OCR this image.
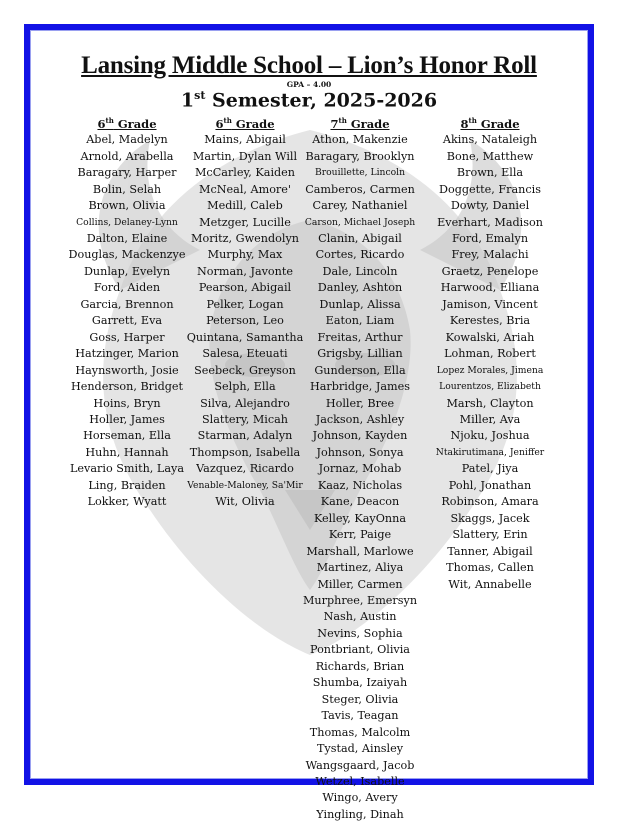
Lansing Middle School – Lion’s Honor Roll
GPA – 4.00
1st Semester, 2025-2026
6th Grade
Abel, Madelyn
Arnold, Arabella
Baragary, Harper
Bolin, Selah
Brown, Olivia
Collins, Delaney-Lynn
Dalton, Elaine
Douglas, Mackenzye
Dunlap, Evelyn
Ford, Aiden
Garcia, Brennon
Garrett, Eva
Goss, Harper
Hatzinger, Marion
Haynsworth, Josie
Henderson, Bridget
Hoins, Bryn
Holler, James
Horseman, Ella
Huhn, Hannah
Levario Smith, Laya
Ling, Braiden
Lokker, Wyatt
6th Grade
Mains, Abigail
Martin, Dylan Will
McCarley, Kaiden
McNeal, Amore'
Medill, Caleb
Metzger, Lucille
Moritz, Gwendolyn
Murphy, Max
Norman, Javonte
Pearson, Abigail
Pelker, Logan
Peterson, Leo
Quintana, Samantha
Salesa, Eteuati
Seebeck, Greyson
Selph, Ella
Silva, Alejandro
Slattery, Micah
Starman, Adalyn
Thompson, Isabella
Vazquez, Ricardo
Venable-Maloney, Sa'Mir
Wit, Olivia
7th Grade
Athon, Makenzie
Baragary, Brooklyn
Brouillette, Lincoln
Camberos, Carmen
Carey, Nathaniel
Carson, Michael Joseph
Clanin, Abigail
Cortes, Ricardo
Dale, Lincoln
Danley, Ashton
Dunlap, Alissa
Eaton, Liam
Freitas, Arthur
Grigsby, Lillian
Gunderson, Ella
Harbridge, James
Holler, Bree
Jackson, Ashley
Johnson, Kayden
Johnson, Sonya
Jornaz, Mohab
Kaaz, Nicholas
Kane, Deacon
Kelley, KayOnna
Kerr, Paige
Marshall, Marlowe
Martinez, Aliya
Miller, Carmen
Murphree, Emersyn
Nash, Austin
Nevins, Sophia
Pontbriant, Olivia
Richards, Brian
Shumba, Izaiyah
Steger, Olivia
Tavis, Teagan
Thomas, Malcolm
Tystad, Ainsley
Wangsgaard, Jacob
Wetzel, Isabelle
Wingo, Avery
Yingling, Dinah
8th Grade
Akins, Nataleigh
Bone, Matthew
Brown, Ella
Doggette, Francis
Dowty, Daniel
Everhart, Madison
Ford, Emalyn
Frey, Malachi
Graetz, Penelope
Harwood, Elliana
Jamison, Vincent
Kerestes, Bria
Kowalski, Ariah
Lohman, Robert
Lopez Morales, Jimena
Lourentzos, Elizabeth
Marsh, Clayton
Miller, Ava
Njoku, Joshua
Ntakirutimana, Jeniffer
Patel, Jiya
Pohl, Jonathan
Robinson, Amara
Skaggs, Jacek
Slattery, Erin
Tanner, Abigail
Thomas, Callen
Wit, Annabelle
